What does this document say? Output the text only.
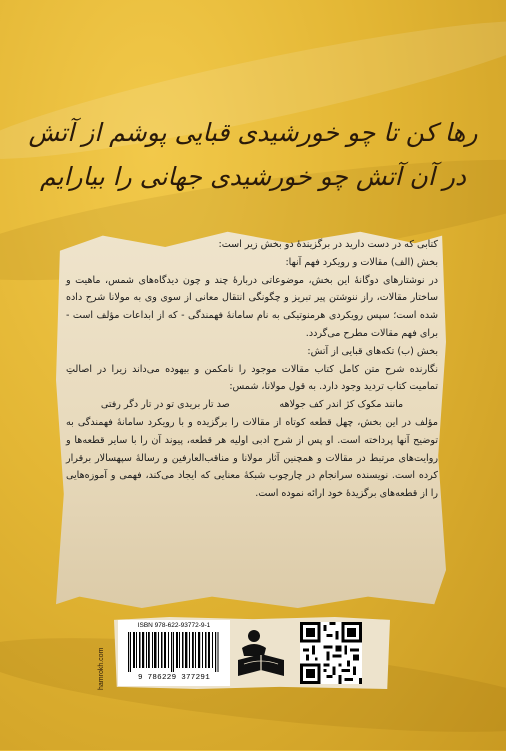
رها کن تا چو خورشیدی قبایی پوشم از آتش
در آن آتش چو خورشیدی جهانی را بیارایم

کتابی که در دست دارید در برگزیندهٔ دو بخش زیر است:

بخش (الف) مقالات و رویکرد فهم آنها:

در نوشتارهای دوگانهٔ این بخش، موضوعاتی دربارهٔ چند و چون دیدگاه‌های شمس، ماهیت و ساختار مقالات، راز ننوشتن پیر تبریز و چگونگی انتقال معانی از سوی وی به مولانا شرح داده شده است؛ سپس رویکردی هرمنوتیکی به نام سامانهٔ فهمندگی - که از ابداعات مؤلف است - برای فهم مقالات مطرح می‌گردد.

بخش (ب) تکه‌های قبایی از آتش:

نگارنده شرح متن کامل کتاب مقالات موجود را نامکمن و بیهوده می‌داند زیرا در اصالتِ تمامیت کتاب تردید وجود دارد. به قول مولانا، شمس:

مانند مکوک کژ اندر کف جولاهه
صد تار بریدی تو در تار دگر رفتی

مؤلف در این بخش، چهل قطعه کوتاه از مقالات را برگزیده و با رویکرد سامانهٔ فهمندگی به توضیح آنها پرداخته است. او پس از شرح ادبی اولیه هر قطعه، پیوند آن را با سایر قطعه‌ها و روایت‌های مرتبط در مقالات و همچنین آثار مولانا و مناقب‌العارفین و رسالهٔ سپهسالار برقرار کرده است. نویسنده سرانجام در چارچوب شبکهٔ معنایی که ایجاد می‌کند، فهمی و آموزه‌هایی را از قطعه‌های برگزیدهٔ خود ارائه نموده است.

ISBN 978-622-93772-9-1
9 786229 377291
hamrokh.com
